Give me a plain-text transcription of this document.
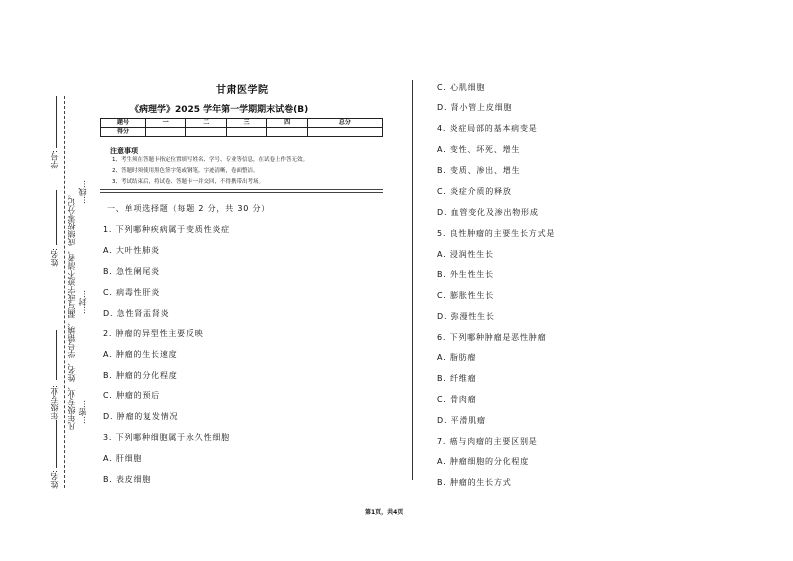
学号:
姓名:
年级专业:
姓名:
凡年级专业、姓名、学号错填、漏写或字迹不清者，成绩按零分记。 …线…
…封…
…密…
甘肃医学院
《病理学》2025 学年第一学期期末试卷(B)
题号	一	二	三	四	总分
得分					
注意事项
1、考生须在答题卡指定位置填写姓名、学号、专业等信息，在试卷上作答无效。
2、答题时须使用黑色签字笔或钢笔，字迹清晰，卷面整洁。
3、考试结束后，将试卷、答题卡一并交回，不得携带出考场。
一、单项选择题（每题 2 分，共 30 分）
1. 下列哪种疾病属于变质性炎症
A. 大叶性肺炎
B. 急性阑尾炎
C. 病毒性肝炎
D. 急性肾盂肾炎
2. 肿瘤的异型性主要反映
A. 肿瘤的生长速度
B. 肿瘤的分化程度
C. 肿瘤的预后
D. 肿瘤的复发情况
3. 下列哪种细胞属于永久性细胞
A. 肝细胞
B. 表皮细胞
C. 心肌细胞
D. 肾小管上皮细胞
4. 炎症局部的基本病变是
A. 变性、坏死、增生
B. 变质、渗出、增生
C. 炎症介质的释放
D. 血管变化及渗出物形成
5. 良性肿瘤的主要生长方式是
A. 浸润性生长
B. 外生性生长
C. 膨胀性生长
D. 弥漫性生长
6. 下列哪种肿瘤是恶性肿瘤
A. 脂肪瘤
B. 纤维瘤
C. 骨肉瘤
D. 平滑肌瘤
7. 癌与肉瘤的主要区别是
A. 肿瘤细胞的分化程度
B. 肿瘤的生长方式
第1页，共4页
